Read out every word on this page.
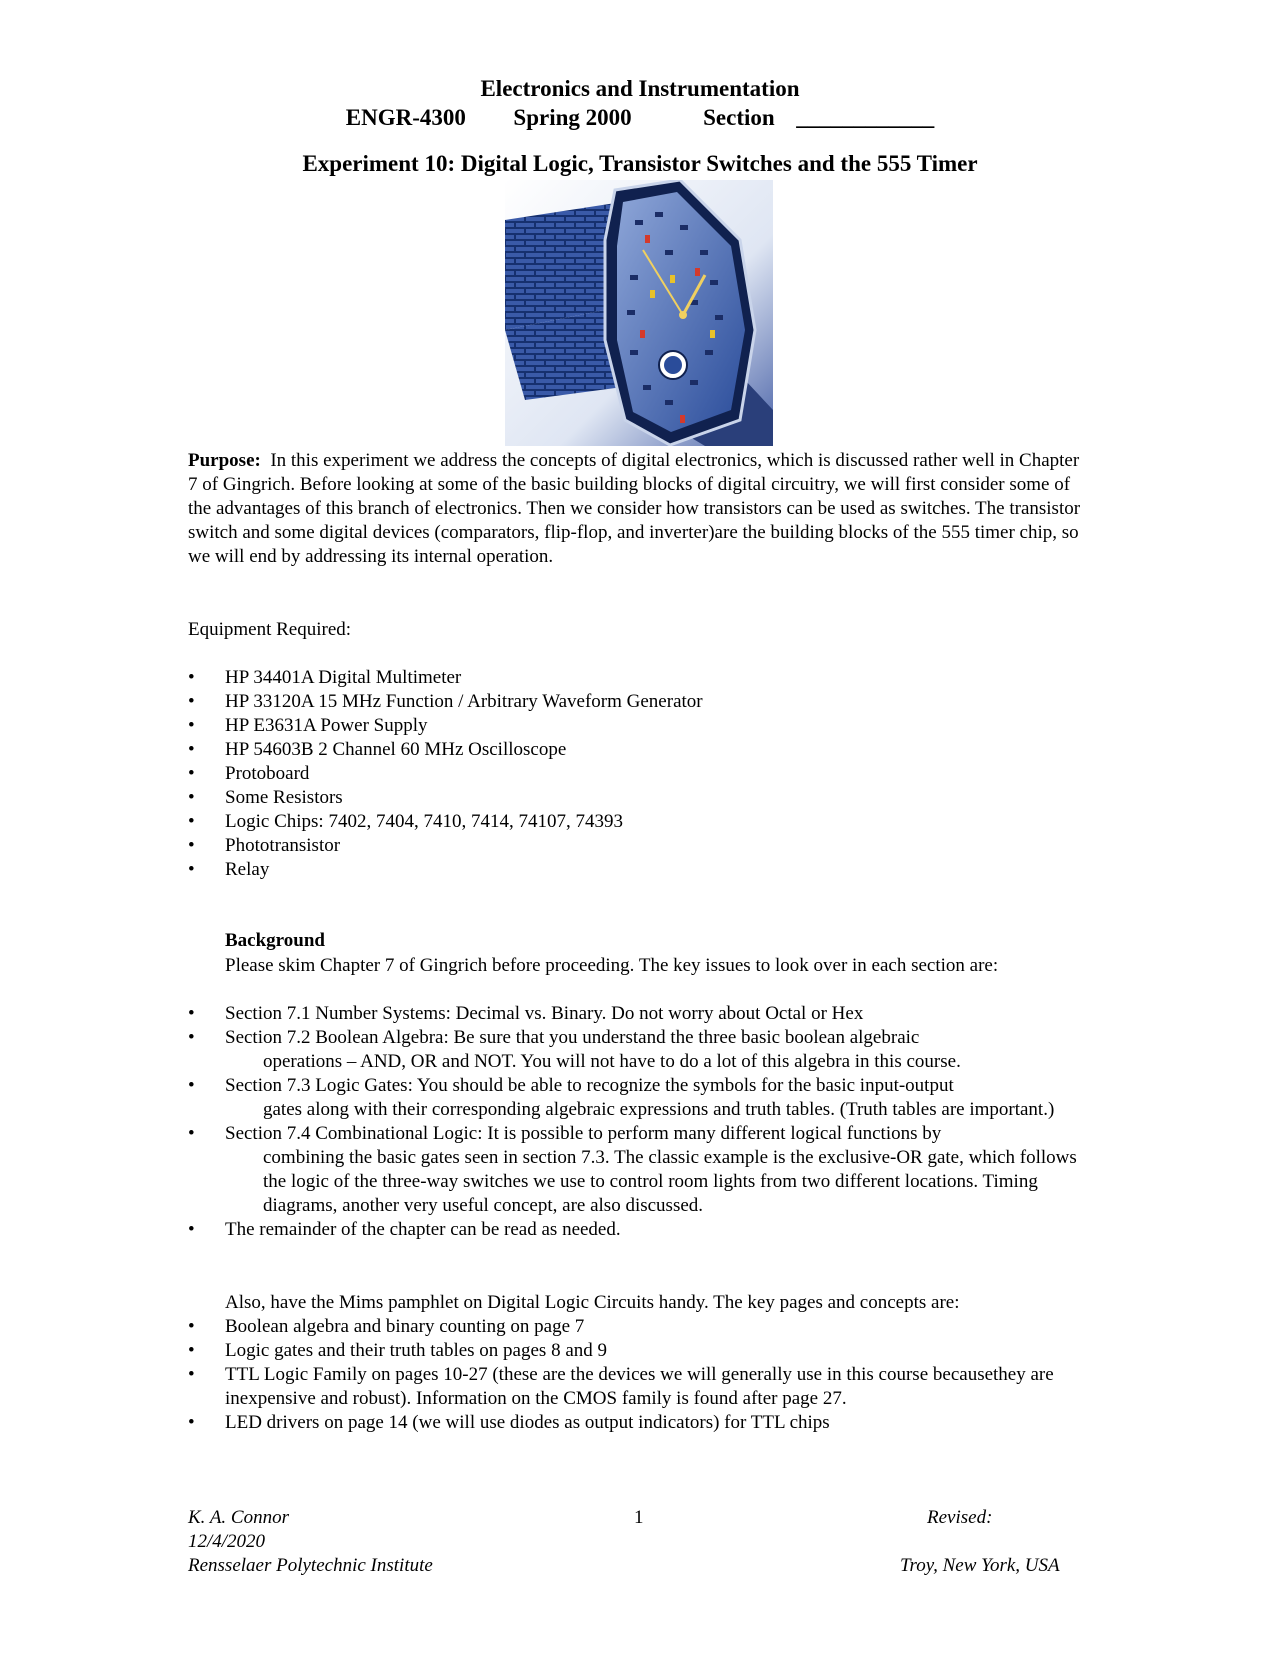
Electronics and Instrumentation
ENGR-4300 Spring 2000	Section ____________
Experiment 10: Digital Logic, Transistor Switches and the 555 Timer
Purpose: In this experiment we address the concepts of digital electronics, which is discussed rather well in Chapter 7 of Gingrich. Before looking at some of the basic building blocks of digital circuitry, we will first consider some of the advantages of this branch of electronics. Then we consider how transistors can be used as switches. The transistor switch and some digital devices (comparators, flip-flop, and inverter)are the building blocks of the 555 timer chip, so we will end by addressing its internal operation.
Equipment Required:
• HP 34401A Digital Multimeter
• HP 33120A 15 MHz Function / Arbitrary Waveform Generator
• HP E3631A Power Supply
• HP 54603B 2 Channel 60 MHz Oscilloscope
• Protoboard
• Some Resistors
• Logic Chips: 7402, 7404, 7410, 7414, 74107, 74393
• Phototransistor
• Relay
Background
Please skim Chapter 7 of Gingrich before proceeding. The key issues to look over in each section are:
• Section 7.1 Number Systems: Decimal vs. Binary. Do not worry about Octal or Hex
• Section 7.2 Boolean Algebra: Be sure that you understand the three basic boolean algebraic
operations – AND, OR and NOT. You will not have to do a lot of this algebra in this course.
• Section 7.3 Logic Gates: You should be able to recognize the symbols for the basic input-output
gates along with their corresponding algebraic expressions and truth tables. (Truth tables are important.)
• Section 7.4 Combinational Logic: It is possible to perform many different logical functions by
combining the basic gates seen in section 7.3. The classic example is the exclusive-OR gate, which follows the logic of the three-way switches we use to control room lights from two different locations. Timing diagrams, another very useful concept, are also discussed.
• The remainder of the chapter can be read as needed.
Also, have the Mims pamphlet on Digital Logic Circuits handy. The key pages and concepts are:
• Boolean algebra and binary counting on page 7
• Logic gates and their truth tables on pages 8 and 9
• TTL Logic Family on pages 10-27 (these are the devices we will generally use in this course becausethey are inexpensive and robust). Information on the CMOS family is found after page 27.
• LED drivers on page 14 (we will use diodes as output indicators) for TTL chips
K. A. Connor
12/4/2020
Rensselaer Polytechnic Institute
1	Revised:
Troy, New York, USA
